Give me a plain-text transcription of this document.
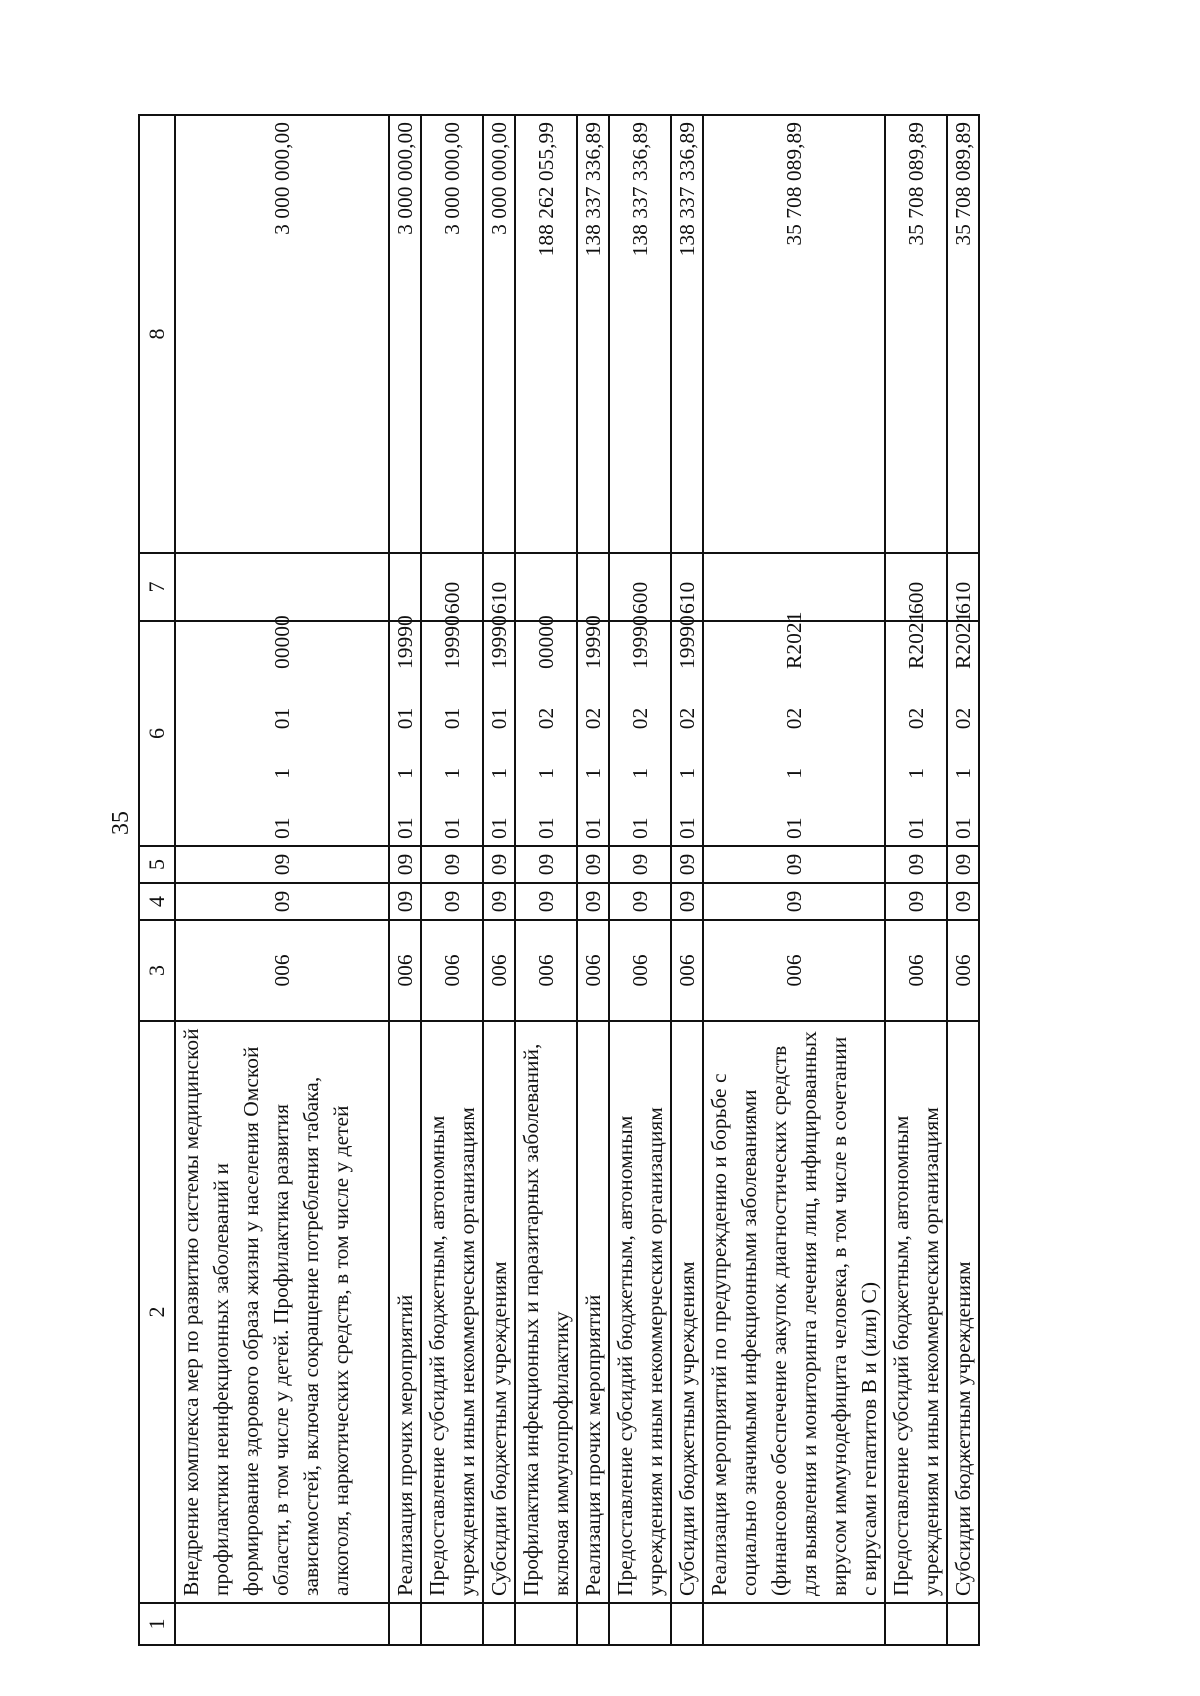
35
1	2	3	4	5	6	7	8
	Внедрение комплекса мер по развитию системы медицинской профилактики неинфекционных заболеваний и формирование здорового образа жизни у населения Омской области, в том числе у детей. Профилактика развития зависимостей, включая сокращение потребления табака, алкоголя, наркотических средств, в том числе у детей	006	09	09	01  1  01  00000		3 000 000,00
	Реализация прочих мероприятий	006	09	09	01  1  01  19990		3 000 000,00
	Предоставление субсидий бюджетным, автономным учреждениям и иным некоммерческим организациям	006	09	09	01  1  01  19990	600	3 000 000,00
	Субсидии бюджетным учреждениям	006	09	09	01  1  01  19990	610	3 000 000,00
	Профилактика инфекционных и паразитарных заболеваний, включая иммунопрофилактику	006	09	09	01  1  02  00000		188 262 055,99
	Реализация прочих мероприятий	006	09	09	01  1  02  19990		138 337 336,89
	Предоставление субсидий бюджетным, автономным учреждениям и иным некоммерческим организациям	006	09	09	01  1  02  19990	600	138 337 336,89
	Субсидии бюджетным учреждениям	006	09	09	01  1  02  19990	610	138 337 336,89
	Реализация мероприятий по предупреждению и борьбе с социально значимыми инфекционными заболеваниями (финансовое обеспечение закупок диагностических средств для выявления и мониторинга лечения лиц, инфицированных вирусом иммунодефицита человека, в том числе в сочетании с вирусами гепатитов В и (или) С)	006	09	09	01  1  02  R2021		35 708 089,89
	Предоставление субсидий бюджетным, автономным учреждениям и иным некоммерческим организациям	006	09	09	01  1  02  R2021	600	35 708 089,89
	Субсидии бюджетным учреждениям	006	09	09	01  1  02  R2021	610	35 708 089,89
